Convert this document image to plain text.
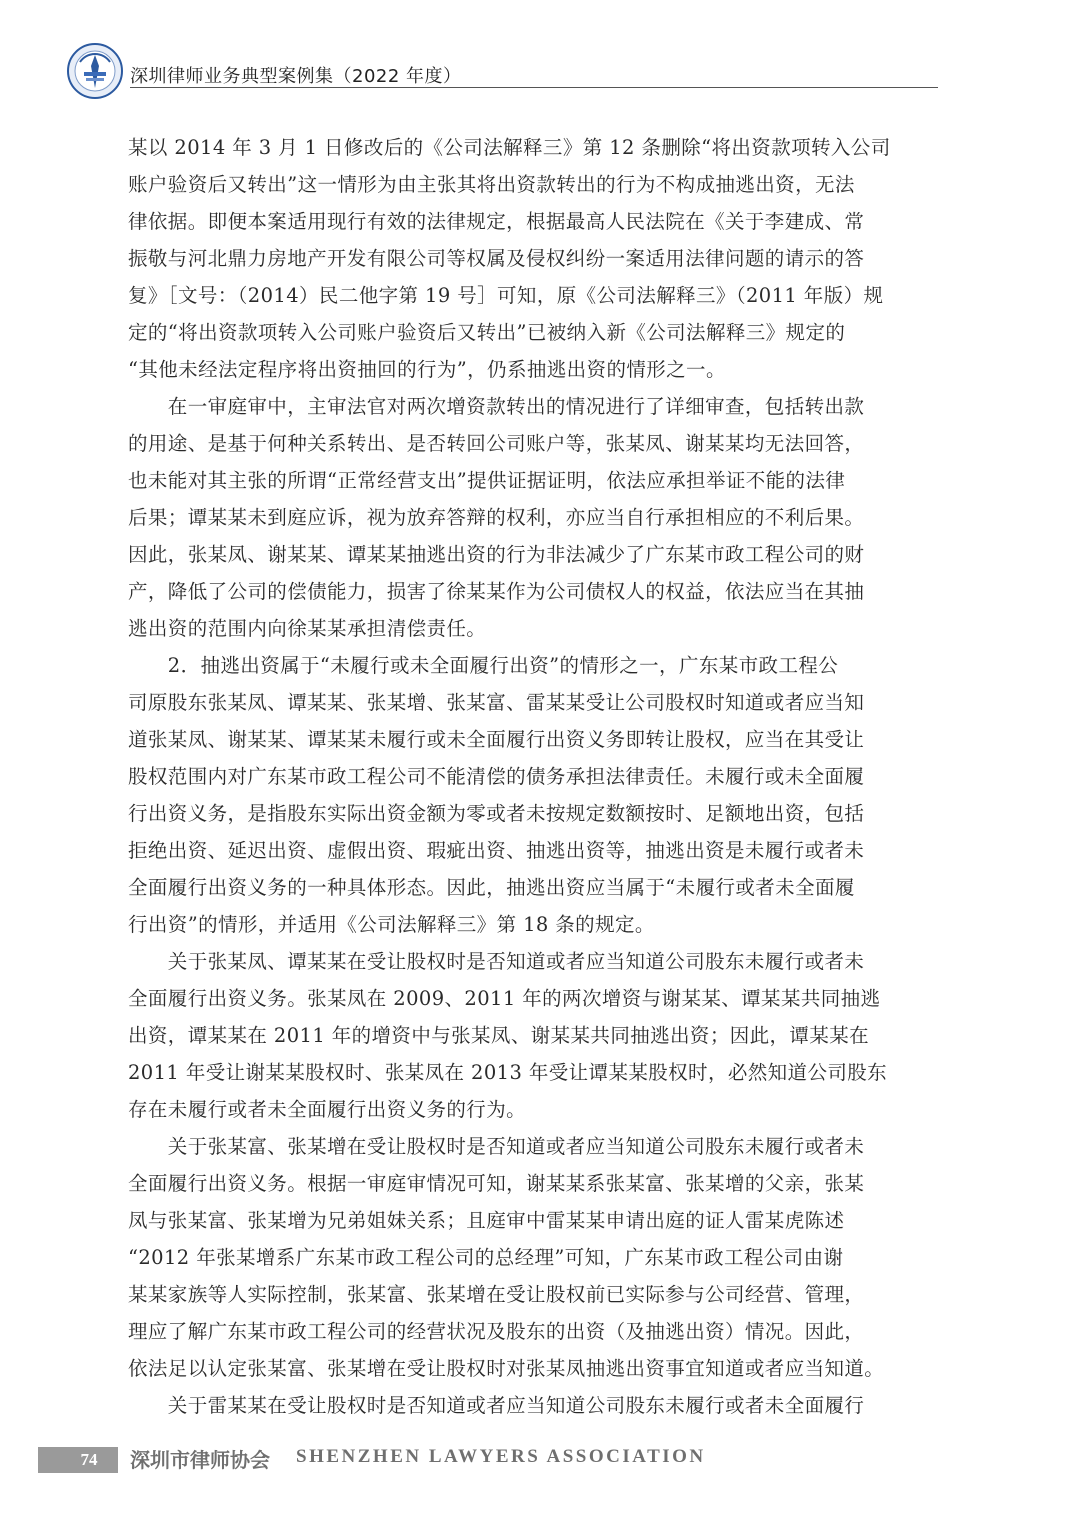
深圳律师业务典型案例集（2022 年度）
某以 2014 年 3 月 1 日修改后的《公司法解释三》第 12 条删除“将出资款项转入公司
账户验资后又转出”这一情形为由主张其将出资款转出的行为不构成抽逃出资，无法
律依据。即便本案适用现行有效的法律规定，根据最高人民法院在《关于李建成、常
振敬与河北鼎力房地产开发有限公司等权属及侵权纠纷一案适用法律问题的请示的答
复》［文号：（2014）民二他字第 19 号］可知，原《公司法解释三》（2011 年版）规
定的“将出资款项转入公司账户验资后又转出”已被纳入新《公司法解释三》规定的
“其他未经法定程序将出资抽回的行为”，仍系抽逃出资的情形之一。
　　在一审庭审中，主审法官对两次增资款转出的情况进行了详细审查，包括转出款
的用途、是基于何种关系转出、是否转回公司账户等，张某凤、谢某某均无法回答，
也未能对其主张的所谓“正常经营支出”提供证据证明，依法应承担举证不能的法律
后果；谭某某未到庭应诉，视为放弃答辩的权利，亦应当自行承担相应的不利后果。
因此，张某凤、谢某某、谭某某抽逃出资的行为非法减少了广东某市政工程公司的财
产，降低了公司的偿债能力，损害了徐某某作为公司债权人的权益，依法应当在其抽
逃出资的范围内向徐某某承担清偿责任。
　　2．抽逃出资属于“未履行或未全面履行出资”的情形之一，广东某市政工程公
司原股东张某凤、谭某某、张某增、张某富、雷某某受让公司股权时知道或者应当知
道张某凤、谢某某、谭某某未履行或未全面履行出资义务即转让股权，应当在其受让
股权范围内对广东某市政工程公司不能清偿的债务承担法律责任。未履行或未全面履
行出资义务，是指股东实际出资金额为零或者未按规定数额按时、足额地出资，包括
拒绝出资、延迟出资、虚假出资、瑕疵出资、抽逃出资等，抽逃出资是未履行或者未
全面履行出资义务的一种具体形态。因此，抽逃出资应当属于“未履行或者未全面履
行出资”的情形，并适用《公司法解释三》第 18 条的规定。
　　关于张某凤、谭某某在受让股权时是否知道或者应当知道公司股东未履行或者未
全面履行出资义务。张某凤在 2009、2011 年的两次增资与谢某某、谭某某共同抽逃
出资，谭某某在 2011 年的增资中与张某凤、谢某某共同抽逃出资；因此，谭某某在
2011 年受让谢某某股权时、张某凤在 2013 年受让谭某某股权时，必然知道公司股东
存在未履行或者未全面履行出资义务的行为。
　　关于张某富、张某增在受让股权时是否知道或者应当知道公司股东未履行或者未
全面履行出资义务。根据一审庭审情况可知，谢某某系张某富、张某增的父亲，张某
凤与张某富、张某增为兄弟姐妹关系；且庭审中雷某某申请出庭的证人雷某虎陈述
“2012 年张某增系广东某市政工程公司的总经理”可知，广东某市政工程公司由谢
某某家族等人实际控制，张某富、张某增在受让股权前已实际参与公司经营、管理，
理应了解广东某市政工程公司的经营状况及股东的出资（及抽逃出资）情况。因此，
依法足以认定张某富、张某增在受让股权时对张某凤抽逃出资事宜知道或者应当知道。
　　关于雷某某在受让股权时是否知道或者应当知道公司股东未履行或者未全面履行
74	深圳市律师协会 SHENZHEN LAWYERS ASSOCIATION
